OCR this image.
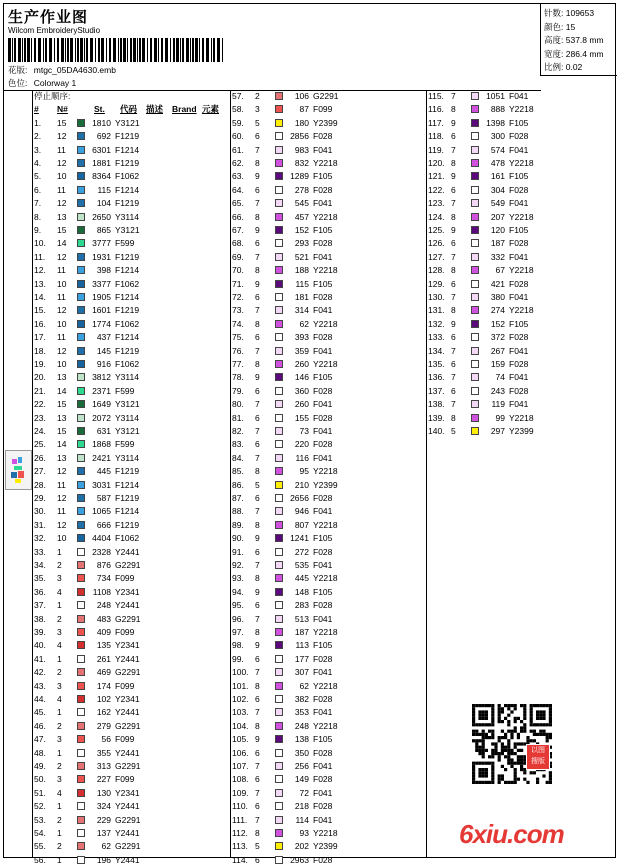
生产作业图
Wilcom EmbroideryStudio
花版: mtgc_05DA4630.emb
色位: Colorway 1
针数: 109653
颜色: 15
高度: 537.8 mm
宽度: 286.4 mm
比例: 0.02
停止顺序:
# N#	St. 代码 描述 Brand 元素
1. 15	1810 Y3121
2. 12	692 F1219
3. 11	6301 F1214
4. 12	1881 F1219
5. 10	8364 F1062
6. 11	115 F1214
7. 12	104 F1219
8. 13	2650 Y3114
9. 15	865 Y3121
10. 14	3777 F599
11. 12	1931 F1219
12. 11	398 F1214
13. 10	3377 F1062
14. 11	1905 F1214
15. 12	1601 F1219
16. 10	1774 F1062
17. 11	437 F1214
18. 12	145 F1219
19. 10	916 F1062
20. 13	3812 Y3114
21. 14	2371 F599
22. 15	1649 Y3121
23. 13	2072 Y3114
24. 15	631 Y3121
25. 14	1868 F599
26. 13	2421 Y3114
27. 12	445 F1219
28. 11	3031 F1214
29. 12	587 F1219
30. 11	1065 F1214
31. 12	666 F1219
32. 10	4404 F1062
33. 1	2328 Y2441
34. 2	876 G2291
35. 3	734 F099
36. 4	1108 Y2341
37. 1	248 Y2441
38. 2	483 G2291
39. 3	409 F099
40. 4	135 Y2341
41. 1	261 Y2441
42. 2	469 G2291
43. 3	174 F099
44. 4	102 Y2341
45. 1	162 Y2441
46. 2	279 G2291
47. 3	56 F099
48. 1	355 Y2441
49. 2	313 G2291
50. 3	227 F099
51. 4	130 Y2341
52. 1	324 Y2441
53. 2	229 G2291
54. 1	137 Y2441
55. 2	62 G2291
56. 1	196 Y2441
57. 2	106 G2291
58. 3	87 F099
59. 5	180 Y2399
60. 6	2856 F028
61. 7	983 F041
62. 8	832 Y2218
63. 9	1289 F105
64. 6	278 F028
65. 7	545 F041
66. 8	457 Y2218
67. 9	152 F105
68. 6	293 F028
69. 7	521 F041
70. 8	188 Y2218
71. 9	115 F105
72. 6	181 F028
73. 7	314 F041
74. 8	62 Y2218
75. 6	393 F028
76. 7	359 F041
77. 8	260 Y2218
78. 9	146 F105
79. 6	360 F028
80. 7	260 F041
81. 6	155 F028
82. 7	73 F041
83. 6	220 F028
84. 7	116 F041
85. 8	95 Y2218
86. 5	210 Y2399
87. 6	2656 F028
88. 7	946 F041
89. 8	807 Y2218
90. 9	1241 F105
91. 6	272 F028
92. 7	535 F041
93. 8	445 Y2218
94. 9	148 F105
95. 6	283 F028
96. 7	513 F041
97. 8	187 Y2218
98. 9	113 F105
99. 6	177 F028
100. 7	307 F041
101. 8	62 Y2218
102. 6	382 F028
103. 7	353 F041
104. 8	248 Y2218
105. 9	138 F105
106. 6	350 F028
107. 7	256 F041
108. 6	149 F028
109. 7	72 F041
110. 6	218 F028
111. 7	114 F041
112. 8	93 Y2218
113. 5	202 Y2399
114. 6	2963 F028
115. 7	1051 F041
116. 8	888 Y2218
117. 9	1398 F105
118. 6	300 F028
119. 7	574 F041
120. 8	478 Y2218
121. 9	161 F105
122. 6	304 F028
123. 7	549 F041
124. 8	207 Y2218
125. 9	120 F105
126. 6	187 F028
127. 7	332 F041
128. 8	67 Y2218
129. 6	421 F028
130. 7	380 F041
131. 8	274 Y2218
132. 9	152 F105
133. 6	372 F028
134. 7	267 F041
135. 6	159 F028
136. 7	74 F041
137. 6	243 F028
138. 7	119 F041
139. 8	99 Y2218
140. 5	297 Y2399
以图
搜版
6xiu.com
